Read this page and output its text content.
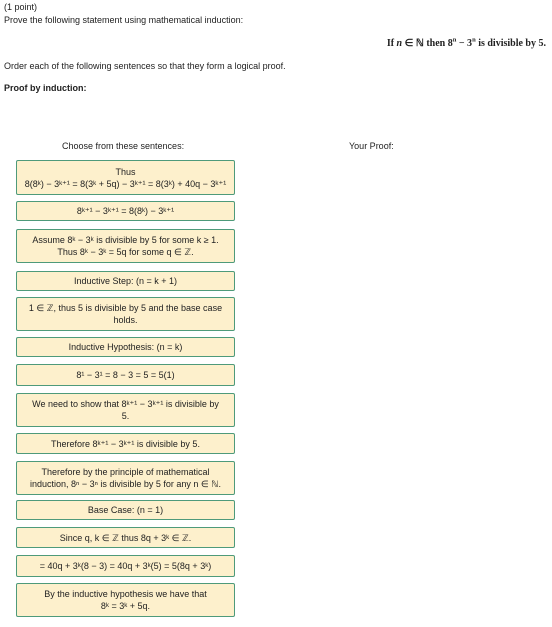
(1 point)
Prove the following statement using mathematical induction:
If n ∈ ℕ then $8^n - 3^n$ is divisible by 5.
Order each of the following sentences so that they form a logical proof.
Proof by induction:
Choose from these sentences:	Your Proof:
Thus
8(8ᵏ) − 3ᵏ⁺¹ = 8(3ᵏ + 5q) − 3ᵏ⁺¹ = 8(3ᵏ) + 40q − 3ᵏ⁺¹
8ᵏ⁺¹ − 3ᵏ⁺¹ = 8(8ᵏ) − 3ᵏ⁺¹
Assume 8ᵏ − 3ᵏ is divisible by 5 for some k ≥ 1.
Thus 8ᵏ − 3ᵏ = 5q for some q ∈ ℤ.
Inductive Step: (n = k + 1)
1 ∈ ℤ, thus 5 is divisible by 5 and the base case
holds.
Inductive Hypothesis: (n = k)
8¹ − 3¹ = 8 − 3 = 5 = 5(1)
We need to show that 8ᵏ⁺¹ − 3ᵏ⁺¹ is divisible by
5.
Therefore 8ᵏ⁺¹ − 3ᵏ⁺¹ is divisible by 5.
Therefore by the principle of mathematical
induction, 8ⁿ − 3ⁿ is divisible by 5 for any n ∈ ℕ.
Base Case: (n = 1)
Since q, k ∈ ℤ thus 8q + 3ᵏ ∈ ℤ.
= 40q + 3ᵏ(8 − 3) = 40q + 3ᵏ(5) = 5(8q + 3ᵏ)
By the inductive hypothesis we have that
8ᵏ = 3ᵏ + 5q.
